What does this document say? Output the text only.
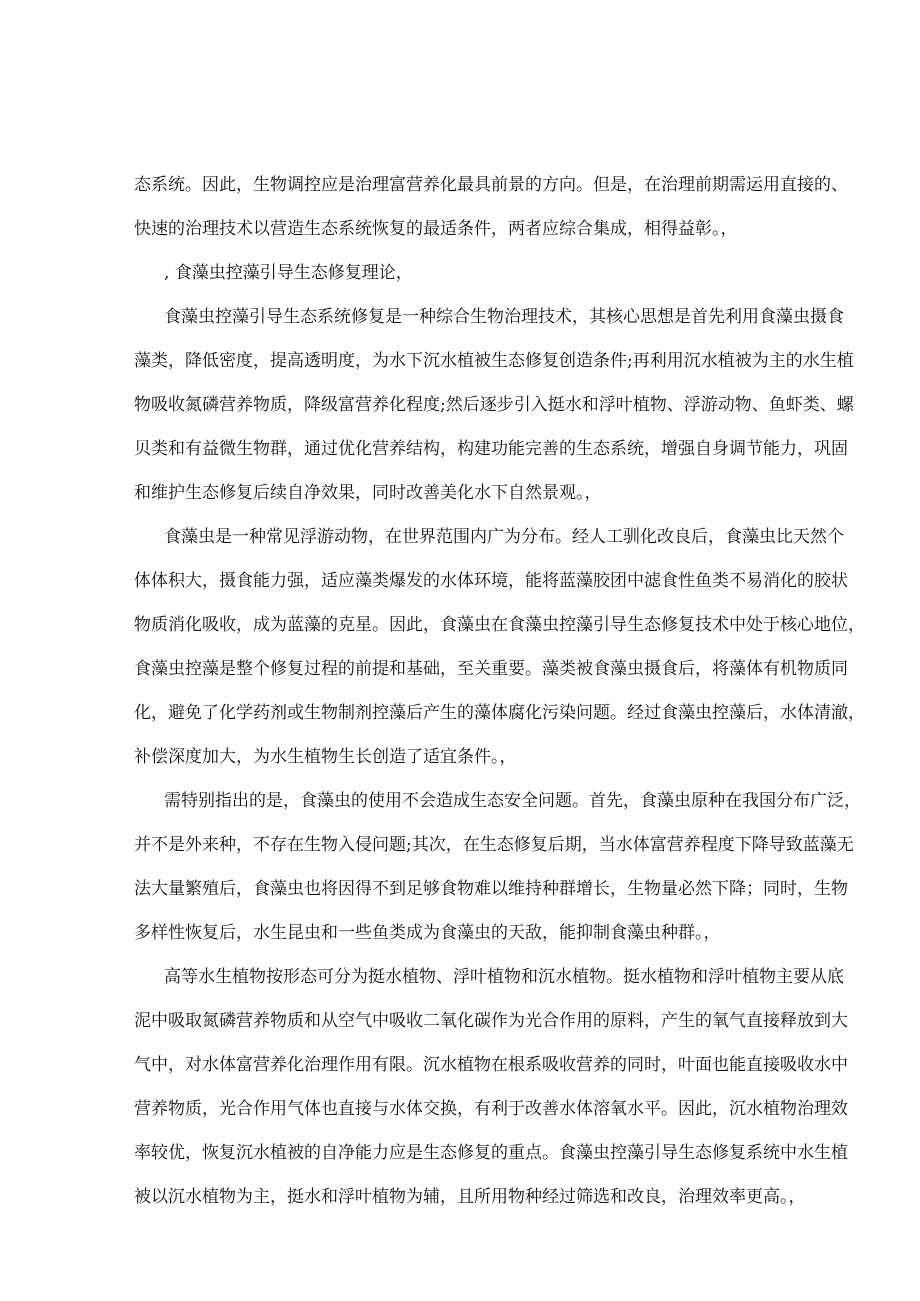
态系统。因此，生物调控应是治理富营养化最具前景的方向。但是，在治理前期需运用直接的、
快速的治理技术以营造生态系统恢复的最适条件，两者应综合集成，相得益彰。，
, 食藻虫控藻引导生态修复理论，
食藻虫控藻引导生态系统修复是一种综合生物治理技术，其核心思想是首先利用食藻虫摄食
藻类，降低密度，提高透明度，为水下沉水植被生态修复创造条件;再利用沉水植被为主的水生植
物吸收氮磷营养物质，降级富营养化程度;然后逐步引入挺水和浮叶植物、浮游动物、鱼虾类、螺
贝类和有益微生物群，通过优化营养结构，构建功能完善的生态系统，增强自身调节能力，巩固
和维护生态修复后续自净效果，同时改善美化水下自然景观。，
食藻虫是一种常见浮游动物，在世界范围内广为分布。经人工驯化改良后，食藻虫比天然个
体体积大，摄食能力强，适应藻类爆发的水体环境，能将蓝藻胶团中滤食性鱼类不易消化的胶状
物质消化吸收，成为蓝藻的克星。因此，食藻虫在食藻虫控藻引导生态修复技术中处于核心地位，
食藻虫控藻是整个修复过程的前提和基础，至关重要。藻类被食藻虫摄食后，将藻体有机物质同
化，避免了化学药剂或生物制剂控藻后产生的藻体腐化污染问题。经过食藻虫控藻后，水体清澈，
补偿深度加大，为水生植物生长创造了适宜条件。，
需特别指出的是，食藻虫的使用不会造成生态安全问题。首先，食藻虫原种在我国分布广泛，
并不是外来种，不存在生物入侵问题;其次，在生态修复后期，当水体富营养程度下降导致蓝藻无
法大量繁殖后，食藻虫也将因得不到足够食物难以维持种群增长，生物量必然下降；同时，生物
多样性恢复后，水生昆虫和一些鱼类成为食藻虫的天敌，能抑制食藻虫种群。，
高等水生植物按形态可分为挺水植物、浮叶植物和沉水植物。挺水植物和浮叶植物主要从底
泥中吸取氮磷营养物质和从空气中吸收二氧化碳作为光合作用的原料，产生的氧气直接释放到大
气中，对水体富营养化治理作用有限。沉水植物在根系吸收营养的同时，叶面也能直接吸收水中
营养物质，光合作用气体也直接与水体交换，有利于改善水体溶氧水平。因此，沉水植物治理效
率较优，恢复沉水植被的自净能力应是生态修复的重点。食藻虫控藻引导生态修复系统中水生植
被以沉水植物为主，挺水和浮叶植物为辅，且所用物种经过筛选和改良，治理效率更高。，
